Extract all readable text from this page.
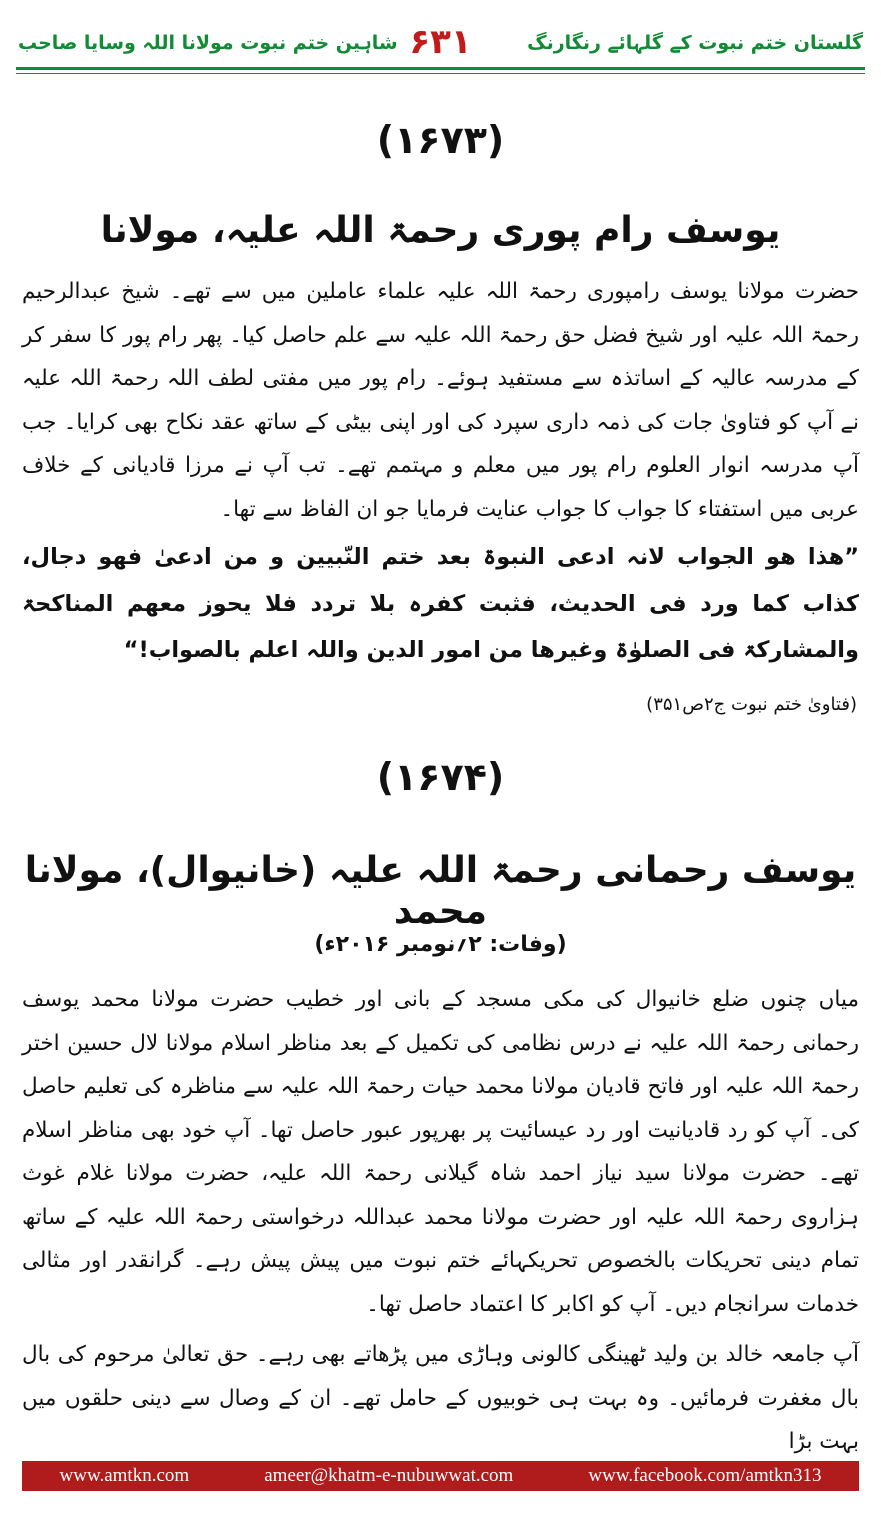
گلستان ختم نبوت کے گلہائے رنگارنگ
۶۳۱
شاہین ختم نبوت مولانا اللہ وسایا صاحب
(۱۶۷۳)
یوسف رام پوری رحمۃ اللہ علیہ، مولانا

حضرت مولانا یوسف رامپوری رحمۃ اللہ علیہ علماء عاملین میں سے تھے۔ شیخ عبدالرحیم رحمۃ اللہ علیہ اور شیخ فضل حق رحمۃ اللہ علیہ سے علم حاصل کیا۔ پھر رام پور کا سفر کر کے مدرسہ عالیہ کے اساتذہ سے مستفید ہوئے۔ رام پور میں مفتی لطف اللہ رحمۃ اللہ علیہ نے آپ کو فتاویٰ جات کی ذمہ داری سپرد کی اور اپنی بیٹی کے ساتھ عقد نکاح بھی کرایا۔ جب آپ مدرسہ انوار العلوم رام پور میں معلم و مہتمم تھے۔ تب آپ نے مرزا قادیانی کے خلاف عربی میں استفتاء کا جواب کا جواب عنایت فرمایا جو ان الفاظ سے تھا۔

”ھذا ھو الجواب لانہ ادعی النبوۃ بعد ختم النّبیین و من ادعیٰ فھو دجال، کذاب کما ورد فی الحدیث، فثبت کفرہ بلا تردد فلا یحوز معھم المناکحۃ والمشارکۃ فی الصلوٰۃ وغیرھا من امور الدین واللہ اعلم بالصواب!“

(فتاویٰ ختم نبوت ج۲ص۳۵۱)
(۱۶۷۴)
یوسف رحمانی رحمۃ اللہ علیہ (خانیوال)، مولانا محمد
(وفات: ۲؍نومبر ۲۰۱۶ء)

میاں چنوں ضلع خانیوال کی مکی مسجد کے بانی اور خطیب حضرت مولانا محمد یوسف رحمانی رحمۃ اللہ علیہ نے درس نظامی کی تکمیل کے بعد مناظر اسلام مولانا لال حسین اختر رحمۃ اللہ علیہ اور فاتح قادیان مولانا محمد حیات رحمۃ اللہ علیہ سے مناظرہ کی تعلیم حاصل کی۔ آپ کو رد قادیانیت اور رد عیسائیت پر بھرپور عبور حاصل تھا۔ آپ خود بھی مناظر اسلام تھے۔ حضرت مولانا سید نیاز احمد شاہ گیلانی رحمۃ اللہ علیہ، حضرت مولانا غلام غوث ہزاروی رحمۃ اللہ علیہ اور حضرت مولانا محمد عبداللہ درخواستی رحمۃ اللہ علیہ کے ساتھ تمام دینی تحریکات بالخصوص تحریکہائے ختم نبوت میں پیش پیش رہے۔ گرانقدر اور مثالی خدمات سرانجام دیں۔ آپ کو اکابر کا اعتماد حاصل تھا۔

آپ جامعہ خالد بن ولید ٹھینگی کالونی وہاڑی میں پڑھاتے بھی رہے۔ حق تعالیٰ مرحوم کی بال بال مغفرت فرمائیں۔ وہ بہت ہی خوبیوں کے حامل تھے۔ ان کے وصال سے دینی حلقوں میں بہت بڑا

www.amtkn.com	ameer@khatm-e-nubuwwat.com	www.facebook.com/amtkn313
